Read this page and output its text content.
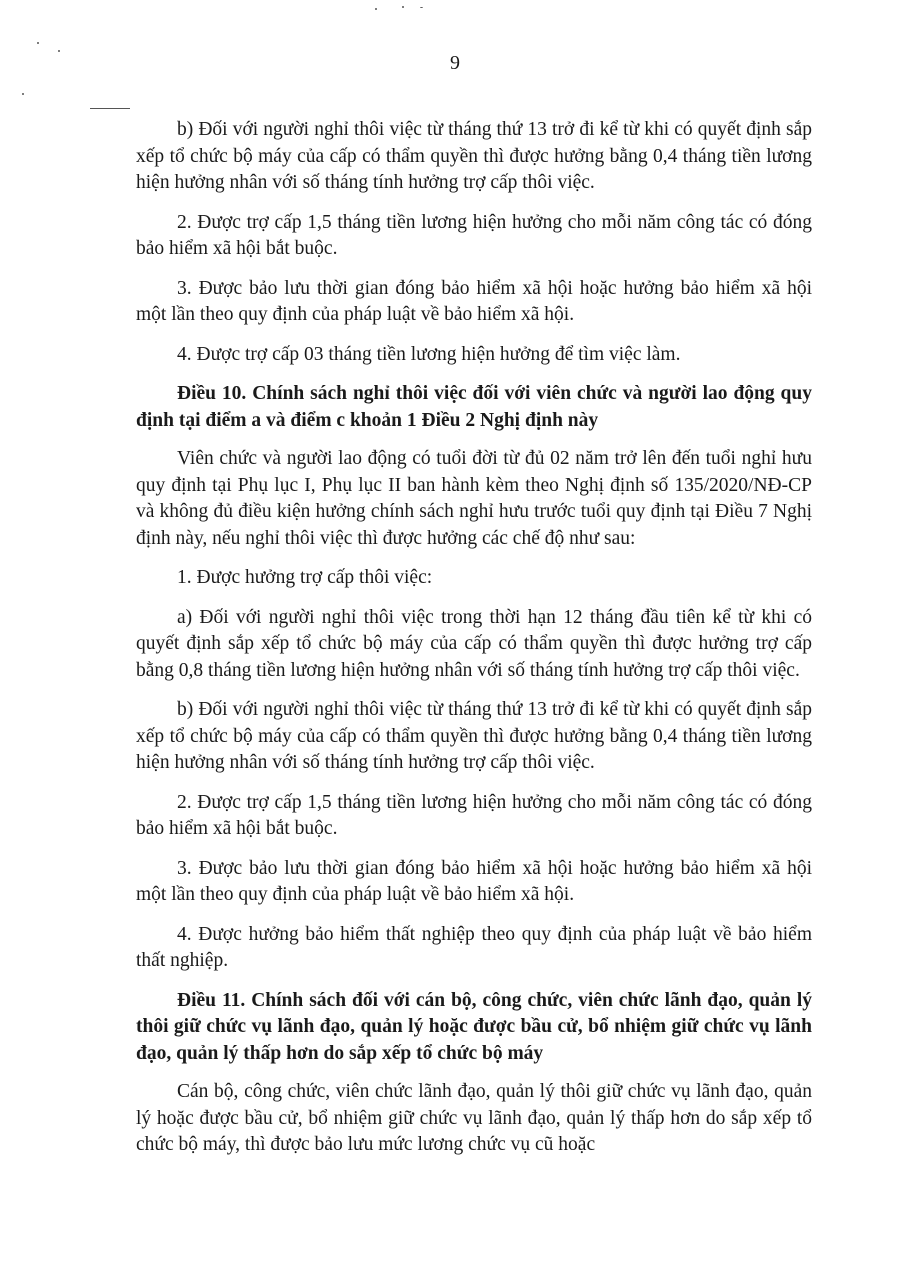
9

b) Đối với người nghỉ thôi việc từ tháng thứ 13 trở đi kể từ khi có quyết định sắp xếp tổ chức bộ máy của cấp có thẩm quyền thì được hưởng bằng 0,4 tháng tiền lương hiện hưởng nhân với số tháng tính hưởng trợ cấp thôi việc.

2. Được trợ cấp 1,5 tháng tiền lương hiện hưởng cho mỗi năm công tác có đóng bảo hiểm xã hội bắt buộc.

3. Được bảo lưu thời gian đóng bảo hiểm xã hội hoặc hưởng bảo hiểm xã hội một lần theo quy định của pháp luật về bảo hiểm xã hội.

4. Được trợ cấp 03 tháng tiền lương hiện hưởng để tìm việc làm.

Điều 10. Chính sách nghỉ thôi việc đối với viên chức và người lao động quy định tại điểm a và điểm c khoản 1 Điều 2 Nghị định này

Viên chức và người lao động có tuổi đời từ đủ 02 năm trở lên đến tuổi nghỉ hưu quy định tại Phụ lục I, Phụ lục II ban hành kèm theo Nghị định số 135/2020/NĐ-CP và không đủ điều kiện hưởng chính sách nghỉ hưu trước tuổi quy định tại Điều 7 Nghị định này, nếu nghỉ thôi việc thì được hưởng các chế độ như sau:

1. Được hưởng trợ cấp thôi việc:

a) Đối với người nghỉ thôi việc trong thời hạn 12 tháng đầu tiên kể từ khi có quyết định sắp xếp tổ chức bộ máy của cấp có thẩm quyền thì được hưởng trợ cấp bằng 0,8 tháng tiền lương hiện hưởng nhân với số tháng tính hưởng trợ cấp thôi việc.

b) Đối với người nghỉ thôi việc từ tháng thứ 13 trở đi kể từ khi có quyết định sắp xếp tổ chức bộ máy của cấp có thẩm quyền thì được hưởng bằng 0,4 tháng tiền lương hiện hưởng nhân với số tháng tính hưởng trợ cấp thôi việc.

2. Được trợ cấp 1,5 tháng tiền lương hiện hưởng cho mỗi năm công tác có đóng bảo hiểm xã hội bắt buộc.

3. Được bảo lưu thời gian đóng bảo hiểm xã hội hoặc hưởng bảo hiểm xã hội một lần theo quy định của pháp luật về bảo hiểm xã hội.

4. Được hưởng bảo hiểm thất nghiệp theo quy định của pháp luật về bảo hiểm thất nghiệp.

Điều 11. Chính sách đối với cán bộ, công chức, viên chức lãnh đạo, quản lý thôi giữ chức vụ lãnh đạo, quản lý hoặc được bầu cử, bổ nhiệm giữ chức vụ lãnh đạo, quản lý thấp hơn do sắp xếp tổ chức bộ máy

Cán bộ, công chức, viên chức lãnh đạo, quản lý thôi giữ chức vụ lãnh đạo, quản lý hoặc được bầu cử, bổ nhiệm giữ chức vụ lãnh đạo, quản lý thấp hơn do sắp xếp tổ chức bộ máy, thì được bảo lưu mức lương chức vụ cũ hoặc
